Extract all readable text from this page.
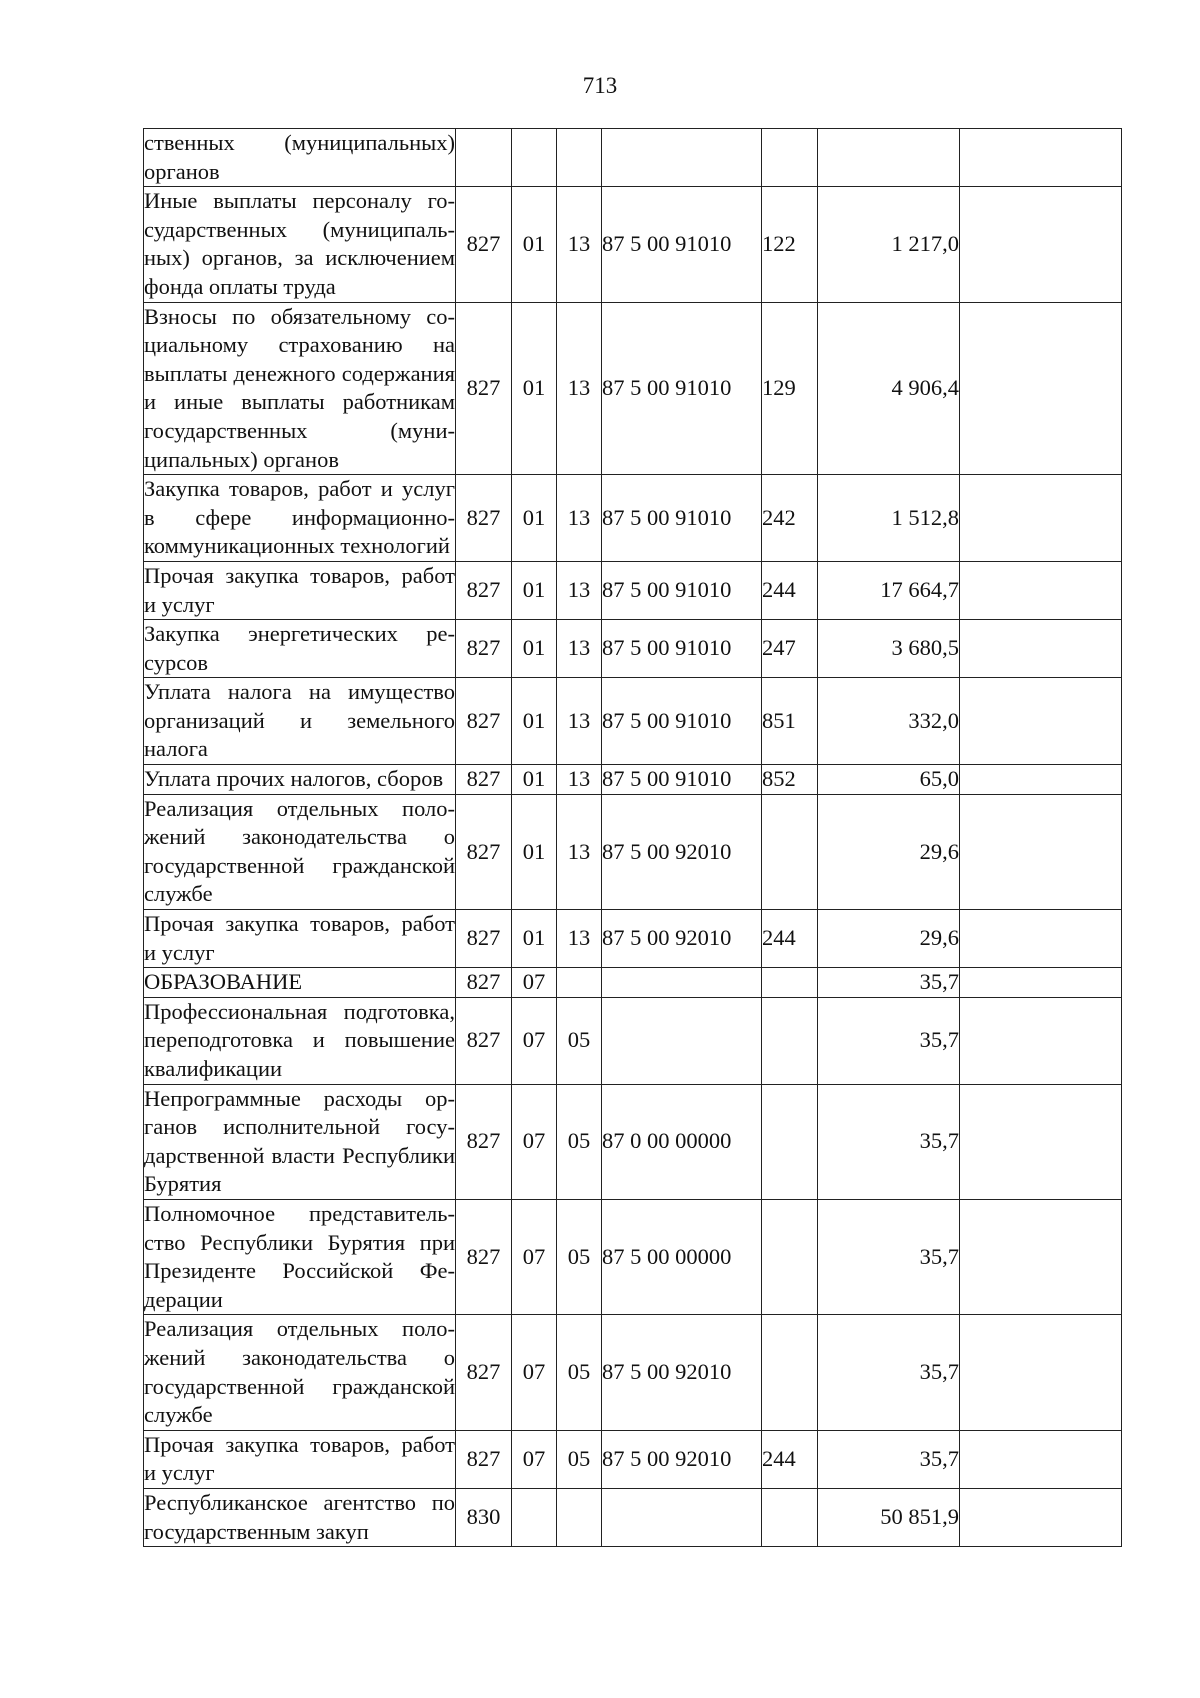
713
ственных (муниципальных) органов							
Иные выплаты персоналу государственных (муниципальных) органов, за исключением фонда оплаты труда	827	01	13	87 5 00 91010	122	1 217,0	
Взносы по обязательному социальному страхованию на выплаты денежного содержания и иные выплаты работникам государственных (муниципальных) органов	827	01	13	87 5 00 91010	129	4 906,4	
Закупка товаров, работ и услуг в сфере информационно-коммуникационных технологий	827	01	13	87 5 00 91010	242	1 512,8	
Прочая закупка товаров, работ и услуг	827	01	13	87 5 00 91010	244	17 664,7	
Закупка энергетических ресурсов	827	01	13	87 5 00 91010	247	3 680,5	
Уплата налога на имущество организаций и земельного налога	827	01	13	87 5 00 91010	851	332,0	
Уплата прочих налогов, сборов	827	01	13	87 5 00 91010	852	65,0	
Реализация отдельных положений законодательства о государственной гражданской службе	827	01	13	87 5 00 92010		29,6	
Прочая закупка товаров, работ и услуг	827	01	13	87 5 00 92010	244	29,6	
ОБРАЗОВАНИЕ	827	07				35,7	
Профессиональная подготовка, переподготовка и повышение квалификации	827	07	05			35,7	
Непрограммные расходы органов исполнительной государственной власти Республики Бурятия	827	07	05	87 0 00 00000		35,7	
Полномочное представительство Республики Бурятия при Президенте Российской Федерации	827	07	05	87 5 00 00000		35,7	
Реализация отдельных положений законодательства о государственной гражданской службе	827	07	05	87 5 00 92010		35,7	
Прочая закупка товаров, работ и услуг	827	07	05	87 5 00 92010	244	35,7	
Республиканское агентство по государственным закуп	830					50 851,9	
